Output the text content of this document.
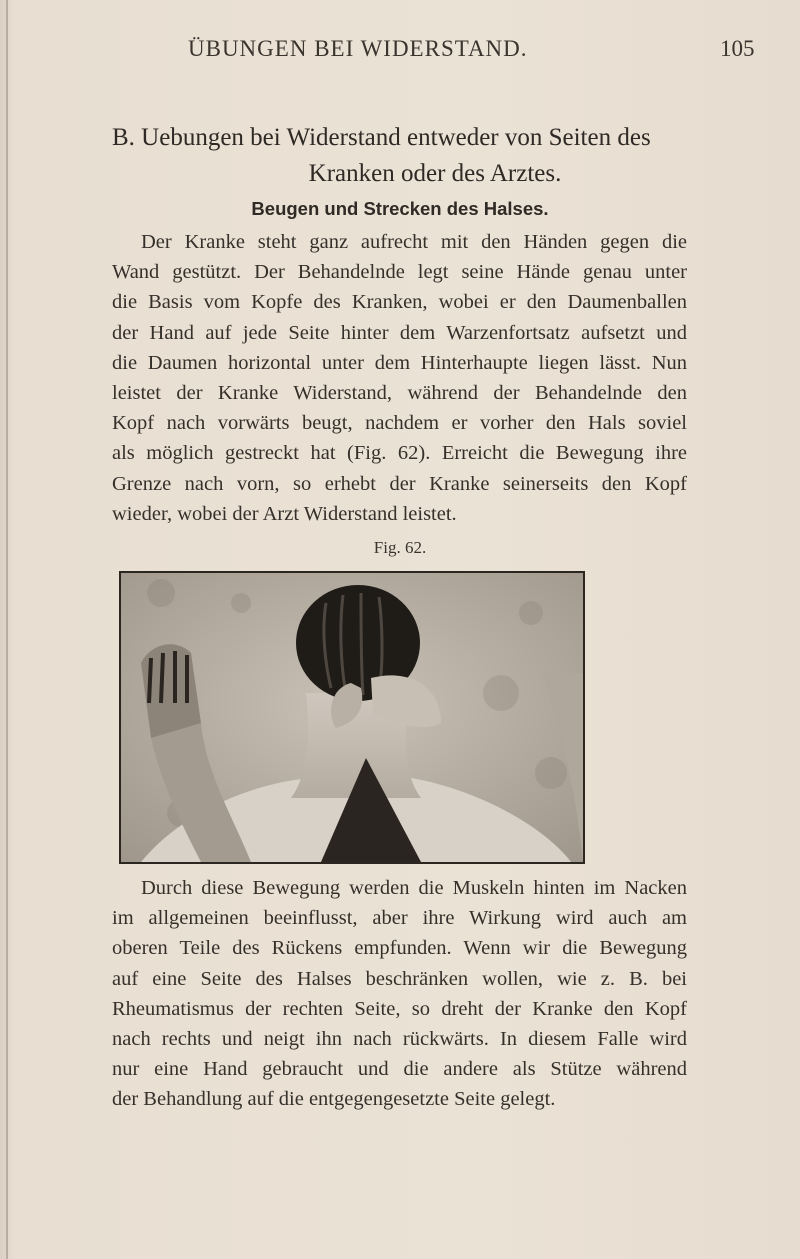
ÜBUNGEN BEI WIDERSTAND.	105
B. Uebungen bei Widerstand entweder von Seiten des
Kranken oder des Arztes.
Beugen und Strecken des Halses.
Der Kranke steht ganz aufrecht mit den Händen gegen die
Wand gestützt. Der Behandelnde legt seine Hände genau unter
die Basis vom Kopfe des Kranken, wobei er den Daumenballen
der Hand auf jede Seite hinter dem Warzenfortsatz aufsetzt und
die Daumen horizontal unter dem Hinterhaupte liegen lässt. Nun
leistet der Kranke Widerstand, während der Behandelnde den
Kopf nach vorwärts beugt, nachdem er vorher den Hals soviel
als möglich gestreckt hat (Fig. 62). Erreicht die Bewegung ihre
Grenze nach vorn, so erhebt der Kranke seinerseits den Kopf
wieder, wobei der Arzt Widerstand leistet.
Fig. 62.
Durch diese Bewegung werden die Muskeln hinten im Nacken
im allgemeinen beeinflusst, aber ihre Wirkung wird auch am
oberen Teile des Rückens empfunden. Wenn wir die Bewegung
auf eine Seite des Halses beschränken wollen, wie z. B. bei
Rheumatismus der rechten Seite, so dreht der Kranke den Kopf
nach rechts und neigt ihn nach rückwärts. In diesem Falle wird
nur eine Hand gebraucht und die andere als Stütze während
der Behandlung auf die entgegengesetzte Seite gelegt.
